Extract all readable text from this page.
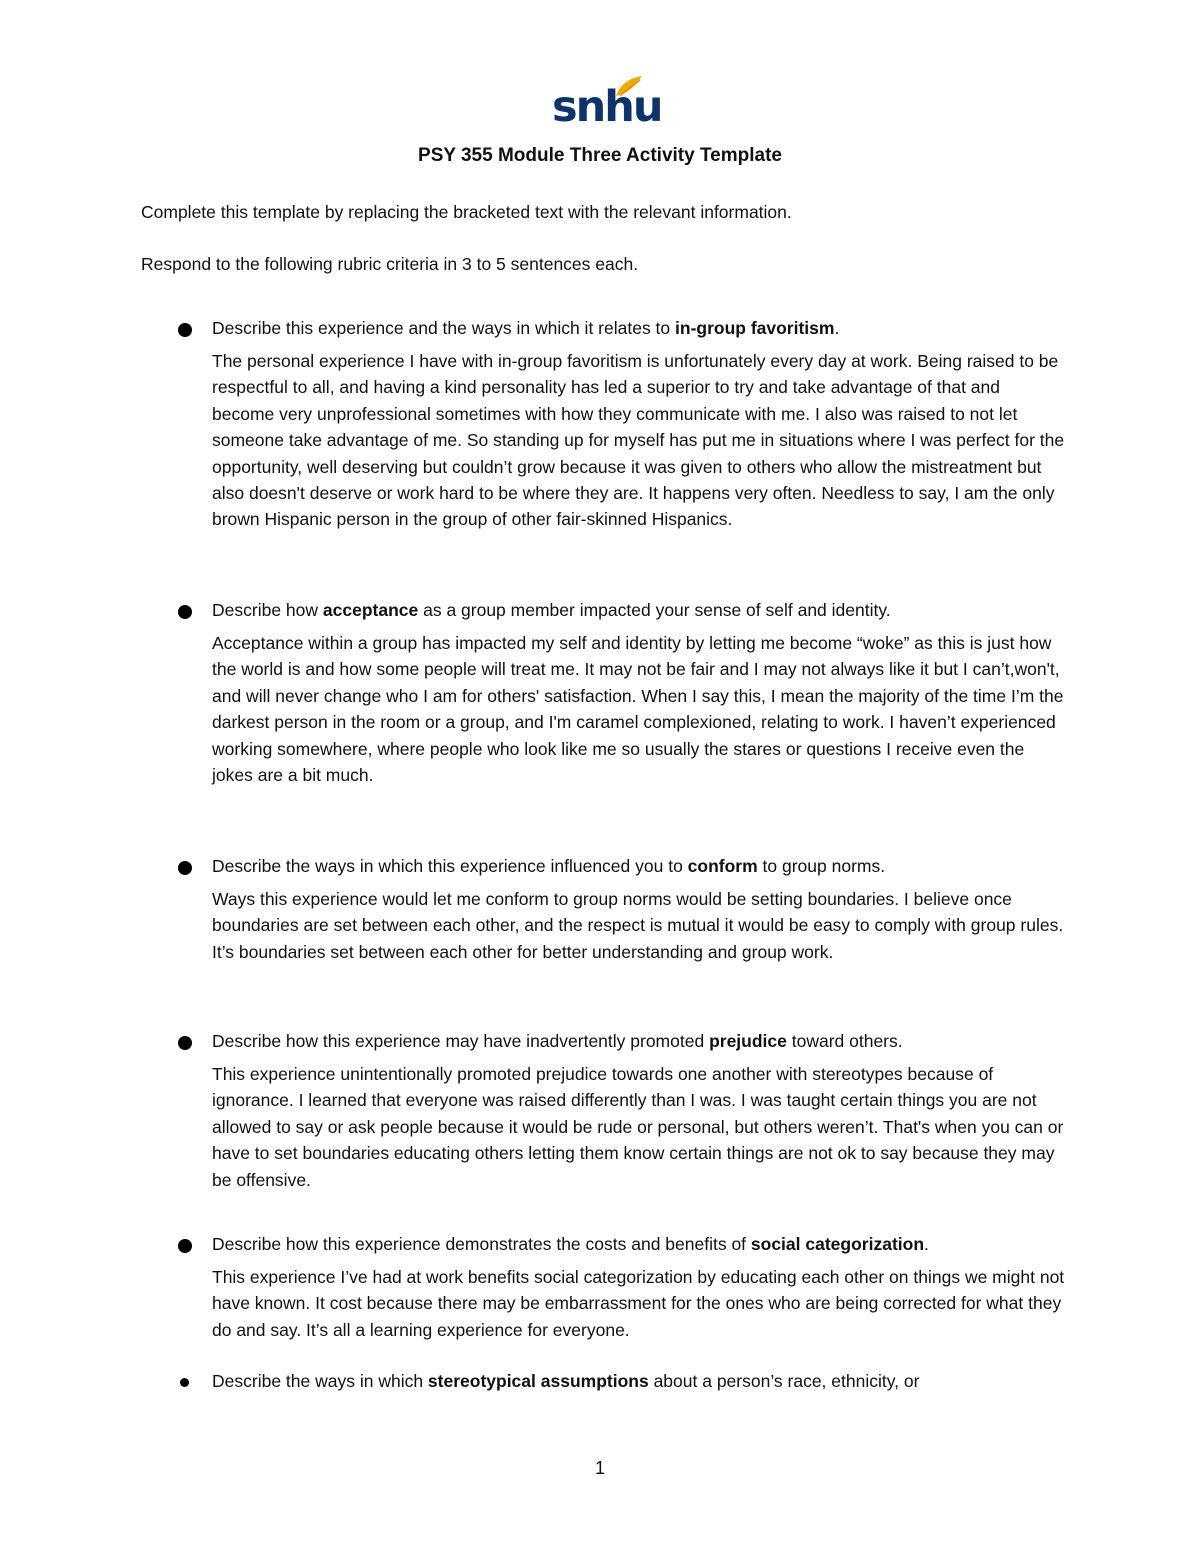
snhu
PSY 355 Module Three Activity Template
Complete this template by replacing the bracketed text with the relevant information.
Respond to the following rubric criteria in 3 to 5 sentences each.
Describe this experience and the ways in which it relates to in-group favoritism.
The personal experience I have with in-group favoritism is unfortunately every day at work. Being raised to be respectful to all, and having a kind personality has led a superior to try and take advantage of that and become very unprofessional sometimes with how they communicate with me. I also was raised to not let someone take advantage of me. So standing up for myself has put me in situations where I was perfect for the opportunity, well deserving but couldn’t grow because it was given to others who allow the mistreatment but also doesn't deserve or work hard to be where they are. It happens very often. Needless to say, I am the only brown Hispanic person in the group of other fair-skinned Hispanics.
Describe how acceptance as a group member impacted your sense of self and identity.
Acceptance within a group has impacted my self and identity by letting me become “woke” as this is just how the world is and how some people will treat me. It may not be fair and I may not always like it but I can’t,won't, and will never change who I am for others' satisfaction. When I say this, I mean the majority of the time I’m the darkest person in the room or a group, and I'm caramel complexioned, relating to work. I haven’t experienced working somewhere, where people who look like me so usually the stares or questions I receive even the jokes are a bit much.
Describe the ways in which this experience influenced you to conform to group norms.
Ways this experience would let me conform to group norms would be setting boundaries. I believe once boundaries are set between each other, and the respect is mutual it would be easy to comply with group rules. It’s boundaries set between each other for better understanding and group work.
Describe how this experience may have inadvertently promoted prejudice toward others.
This experience unintentionally promoted prejudice towards one another with stereotypes because of ignorance. I learned that everyone was raised differently than I was. I was taught certain things you are not allowed to say or ask people because it would be rude or personal, but others weren’t. That's when you can or have to set boundaries educating others letting them know certain things are not ok to say because they may be offensive.
Describe how this experience demonstrates the costs and benefits of social categorization.
This experience I’ve had at work benefits social categorization by educating each other on things we might not have known. It cost because there may be embarrassment for the ones who are being corrected for what they do and say. It’s all a learning experience for everyone.
Describe the ways in which stereotypical assumptions about a person’s race, ethnicity, or
1
